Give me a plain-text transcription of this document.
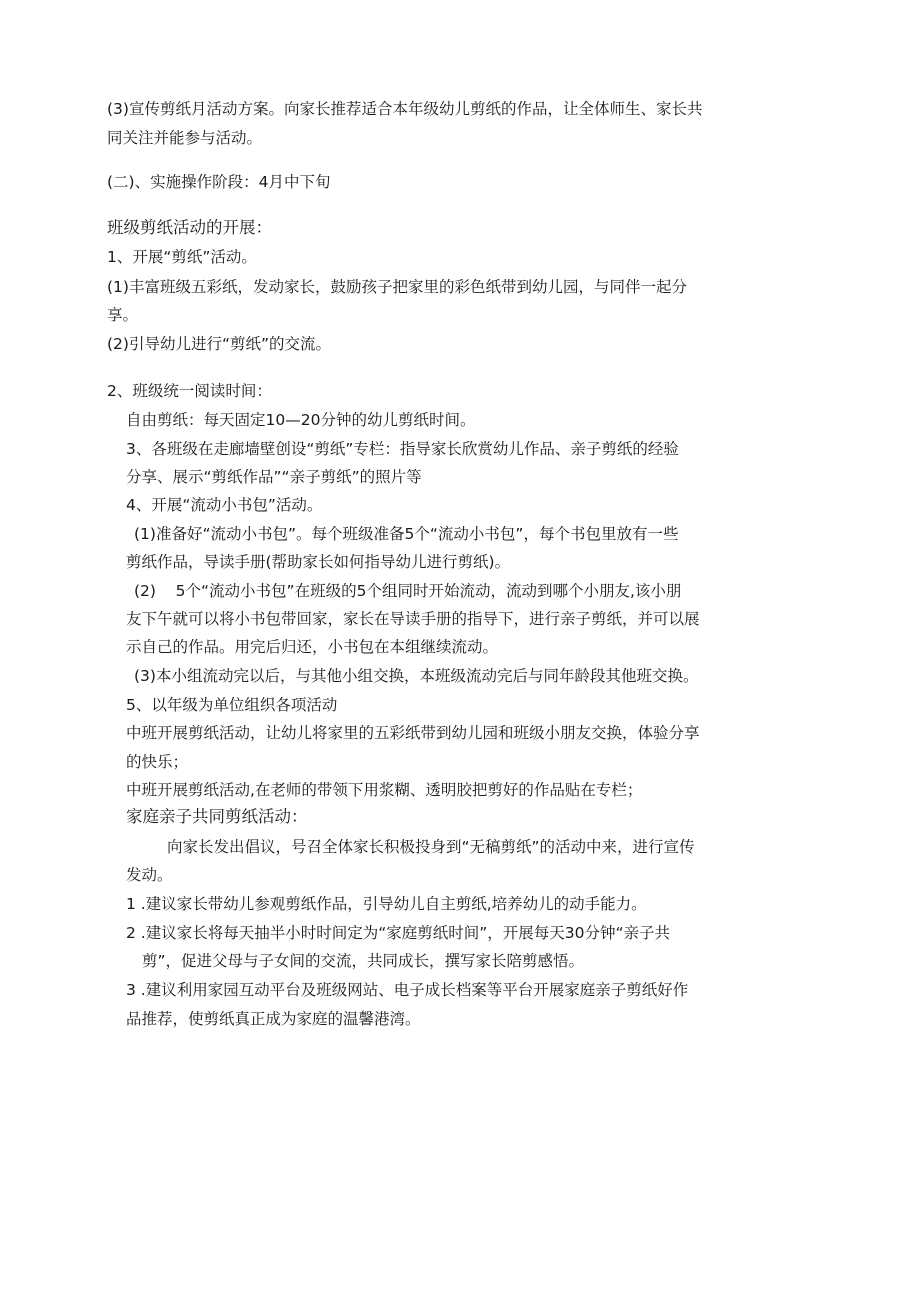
(3)宣传剪纸月活动方案。向家长推荐适合本年级幼儿剪纸的作品，让全体师生、家长共
同关注并能参与活动。
(二)、实施操作阶段：4月中下旬
班级剪纸活动的开展：
1、开展“剪纸”活动。
(1)丰富班级五彩纸，发动家长，鼓励孩子把家里的彩色纸带到幼儿园，与同伴一起分
享。
(2)引导幼儿进行“剪纸”的交流。
2、班级统一阅读时间：
自由剪纸：每天固定10—20分钟的幼儿剪纸时间。
3、各班级在走廊墙壁创设“剪纸”专栏：指导家长欣赏幼儿作品、亲子剪纸的经验
分享、展示“剪纸作品”“亲子剪纸”的照片等
4、开展“流动小书包”活动。
(1)准备好“流动小书包”。每个班级准备5个“流动小书包”，每个书包里放有一些
剪纸作品，导读手册(帮助家长如何指导幼儿进行剪纸)。
(2)    5个“流动小书包”在班级的5个组同时开始流动，流动到哪个小朋友,该小朋
友下午就可以将小书包带回家，家长在导读手册的指导下，进行亲子剪纸，并可以展
示自己的作品。用完后归还，小书包在本组继续流动。
(3)本小组流动完以后，与其他小组交换，本班级流动完后与同年龄段其他班交换。
5、以年级为单位组织各项活动
中班开展剪纸活动，让幼儿将家里的五彩纸带到幼儿园和班级小朋友交换，体验分享
的快乐；
中班开展剪纸活动,在老师的带领下用浆糊、透明胶把剪好的作品贴在专栏；
家庭亲子共同剪纸活动：
向家长发出倡议，号召全体家长积极投身到“无稿剪纸”的活动中来，进行宣传
发动。
1 .建议家长带幼儿参观剪纸作品，引导幼儿自主剪纸,培养幼儿的动手能力。
2 .建议家长将每天抽半小时时间定为“家庭剪纸时间”，开展每天30分钟“亲子共
剪”，促进父母与子女间的交流，共同成长，撰写家长陪剪感悟。
3 .建议利用家园互动平台及班级网站、电子成长档案等平台开展家庭亲子剪纸好作
品推荐，使剪纸真正成为家庭的温馨港湾。
